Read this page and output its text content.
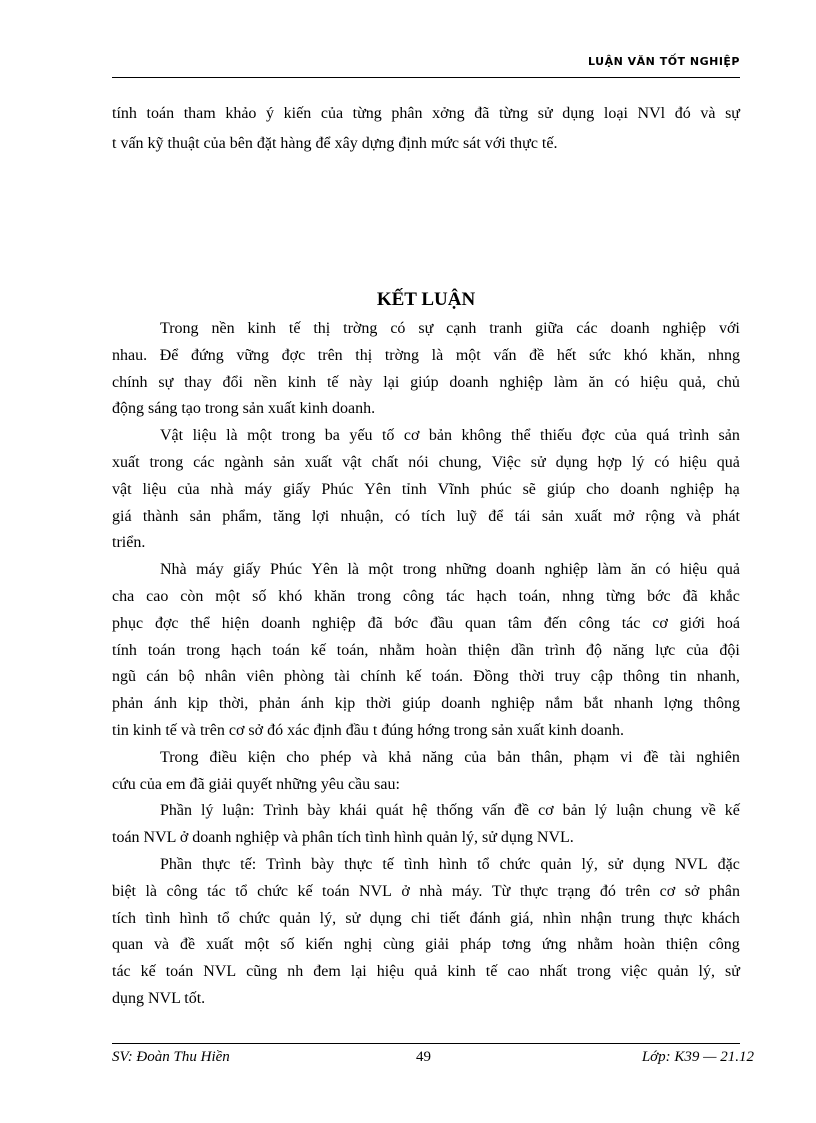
LUẬN VĂN TỐT NGHIỆP
tính toán tham khảo ý kiến của từng phân xởng đã từng sử dụng loại NVl đó và sự
t vấn kỹ thuật của bên đặt hàng để xây dựng định mức sát với thực tế.
Trong nền kinh tế thị trờng có sự cạnh tranh giữa các doanh nghiệp với
nhau. Để đứng vững đợc trên thị trờng là một vấn đề hết sức khó khăn, nhng
chính sự thay đổi nền kinh tế này lại giúp doanh nghiệp làm ăn có hiệu quả, chủ
động sáng tạo trong sản xuất kinh doanh.
Vật liệu là một trong ba yếu tố cơ bản không thể thiếu đợc của quá trình sản
xuất trong các ngành sản xuất vật chất nói chung, Việc sử dụng hợp lý có hiệu quả
vật liệu của nhà máy giấy Phúc Yên tỉnh Vĩnh phúc sẽ giúp cho doanh nghiệp hạ
giá thành sản phẩm, tăng lợi nhuận, có tích luỹ để tái sản xuất mở rộng và phát
triển.
Nhà máy giấy Phúc Yên là một trong những doanh nghiệp làm ăn có hiệu quả
cha cao còn một số khó khăn trong công tác hạch toán, nhng từng bớc đã khắc
phục đợc thể hiện doanh nghiệp đã bớc đầu quan tâm đến công tác cơ giới hoá
tính toán trong hạch toán kế toán, nhằm hoàn thiện dần trình độ năng lực của đội
ngũ cán bộ nhân viên phòng tài chính kế toán. Đồng thời truy cập thông tin nhanh,
phản ánh kịp thời, phản ánh kịp thời giúp doanh nghiệp nắm bắt nhanh lợng thông
tin kinh tế và trên cơ sở đó xác định đầu t đúng hớng trong sản xuất kinh doanh.
Trong điều kiện cho phép và khả năng của bản thân, phạm vi đề tài nghiên
cứu của em đã giải quyết những yêu cầu sau:
Phần lý luận: Trình bày khái quát hệ thống vấn đề cơ bản lý luận chung về kế
toán NVL ở doanh nghiệp và phân tích tình hình quản lý, sử dụng NVL.
Phần thực tế: Trình bày thực tế tình hình tổ chức quản lý, sử dụng NVL đặc
biệt là công tác tổ chức kế toán NVL ở nhà máy. Từ thực trạng đó trên cơ sở phân
tích tình hình tổ chức quản lý, sử dụng chi tiết đánh giá, nhìn nhận trung thực khách
quan và đề xuất một số kiến nghị cùng giải pháp tơng ứng nhằm hoàn thiện công
tác kế toán NVL cũng nh đem lại hiệu quả kinh tế cao nhất trong việc quản lý, sử
dụng NVL tốt.
KẾT LUẬN
SV: Đoàn Thu Hiền	49	Lớp: K39 — 21.12
